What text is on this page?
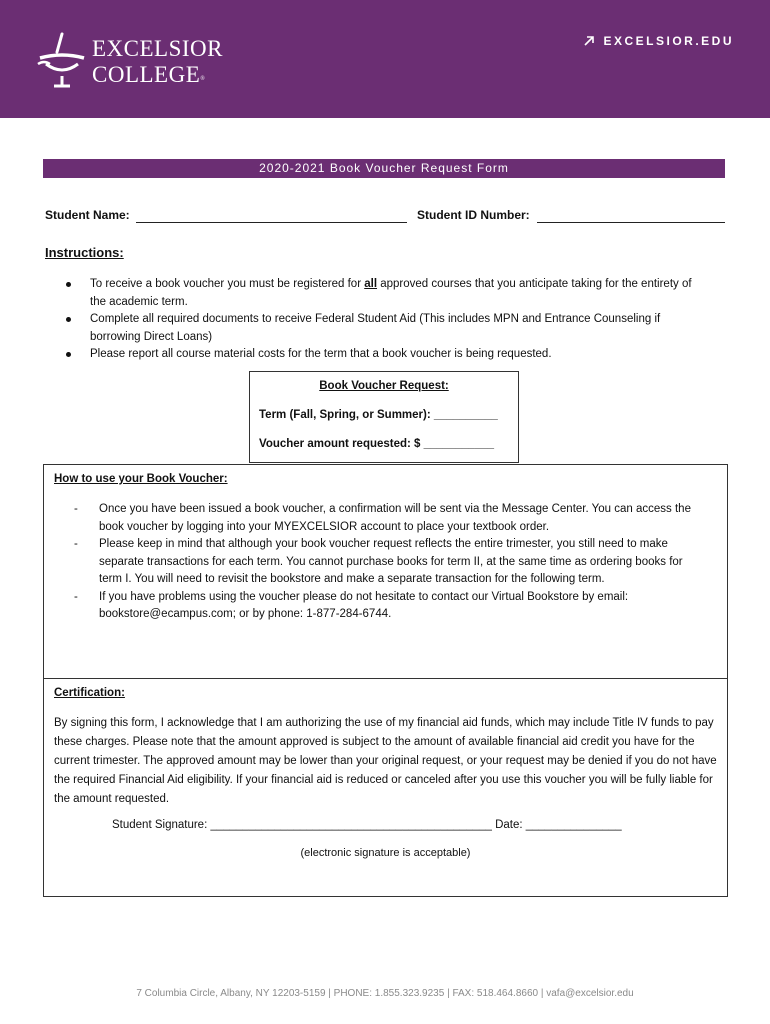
EXCELSIOR
COLLEGE®
EXCELSIOR.EDU
2020-2021 Book Voucher Request Form
Student Name:	Student ID Number:
Instructions:
To receive a book voucher you must be registered for all approved courses that you anticipate taking for the entirety of the academic term.
Complete all required documents to receive Federal Student Aid (This includes MPN and Entrance Counseling if borrowing Direct Loans)
Please report all course material costs for the term that a book voucher is being requested.
Book Voucher Request:
Term (Fall, Spring, or Summer): __________
Voucher amount requested: $ ___________
How to use your Book Voucher:
- Once you have been issued a book voucher, a confirmation will be sent via the Message Center. You can access the book voucher by logging into your MYEXCELSIOR account to place your textbook order.
- Please keep in mind that although your book voucher request reflects the entire trimester, you still need to make separate transactions for each term. You cannot purchase books for term II, at the same time as ordering books for term I. You will need to revisit the bookstore and make a separate transaction for the following term.
- If you have problems using the voucher please do not hesitate to contact our Virtual Bookstore by email: bookstore@ecampus.com; or by phone: 1-877-284-6744.
Certification:
By signing this form, I acknowledge that I am authorizing the use of my financial aid funds, which may include Title IV funds to pay these charges. Please note that the amount approved is subject to the amount of available financial aid credit you have for the current trimester. The approved amount may be lower than your original request, or your request may be denied if you do not have the required Financial Aid eligibility. If your financial aid is reduced or canceled after you use this voucher you will be fully liable for the amount requested.
Student Signature: ____________________________________________ Date: _______________
(electronic signature is acceptable)
7 Columbia Circle, Albany, NY 12203-5159 | PHONE: 1.855.323.9235 | FAX: 518.464.8660 | vafa@excelsior.edu
